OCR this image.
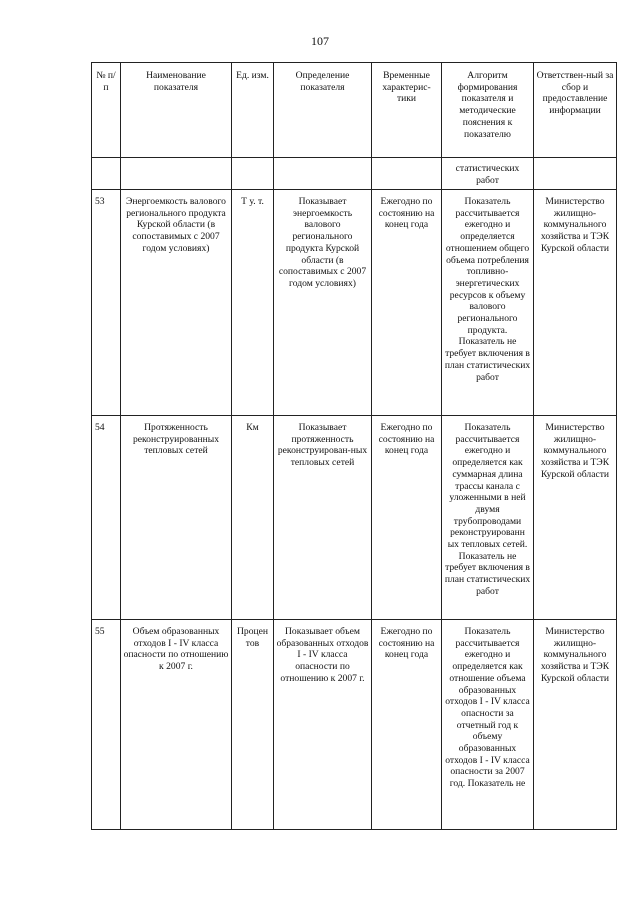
107
№ п/п	Наименование показателя	Ед. изм.	Определение показателя	Временные характерис-тики	Алгоритм формирования показателя и методические пояснения к показателю	Ответствен-ный за сбор и предоставление информации
					статистических работ	
53	Энергоемкость валового регионального продукта Курской области (в сопоставимых с 2007 годом условиях)	Т у. т.	Показывает энергоемкость валового регионального продукта Курской области (в сопоставимых с 2007 годом условиях)	Ежегодно по состоянию на конец года	Показатель рассчитывается ежегодно и определяется отношением общего объема потребления топливно-энергетических ресурсов к объему валового регионального продукта. Показатель не требует включения в план статистических работ	Министерство жилищно-коммунального хозяйства и ТЭК Курской области
54	Протяженность реконструированных тепловых сетей	Км	Показывает протяженность реконструирован-ных тепловых сетей	Ежегодно по состоянию на конец года	Показатель рассчитывается ежегодно и определяется как суммарная длина трассы канала с уложенными в ней двумя трубопроводами реконструированн ых тепловых сетей. Показатель не требует включения в план статистических работ	Министерство жилищно-коммунального хозяйства и ТЭК Курской области
55	Объем образованных отходов I - IV класса опасности по отношению к 2007 г.	Процен тов	Показывает объем образованных отходов I - IV класса опасности по отношению к 2007 г.	Ежегодно по состоянию на конец года	Показатель рассчитывается ежегодно и определяется как отношение объема образованных отходов I - IV класса опасности за отчетный год к объему образованных отходов I - IV класса опасности за 2007 год. Показатель не	Министерство жилищно-коммунального хозяйства и ТЭК Курской области
